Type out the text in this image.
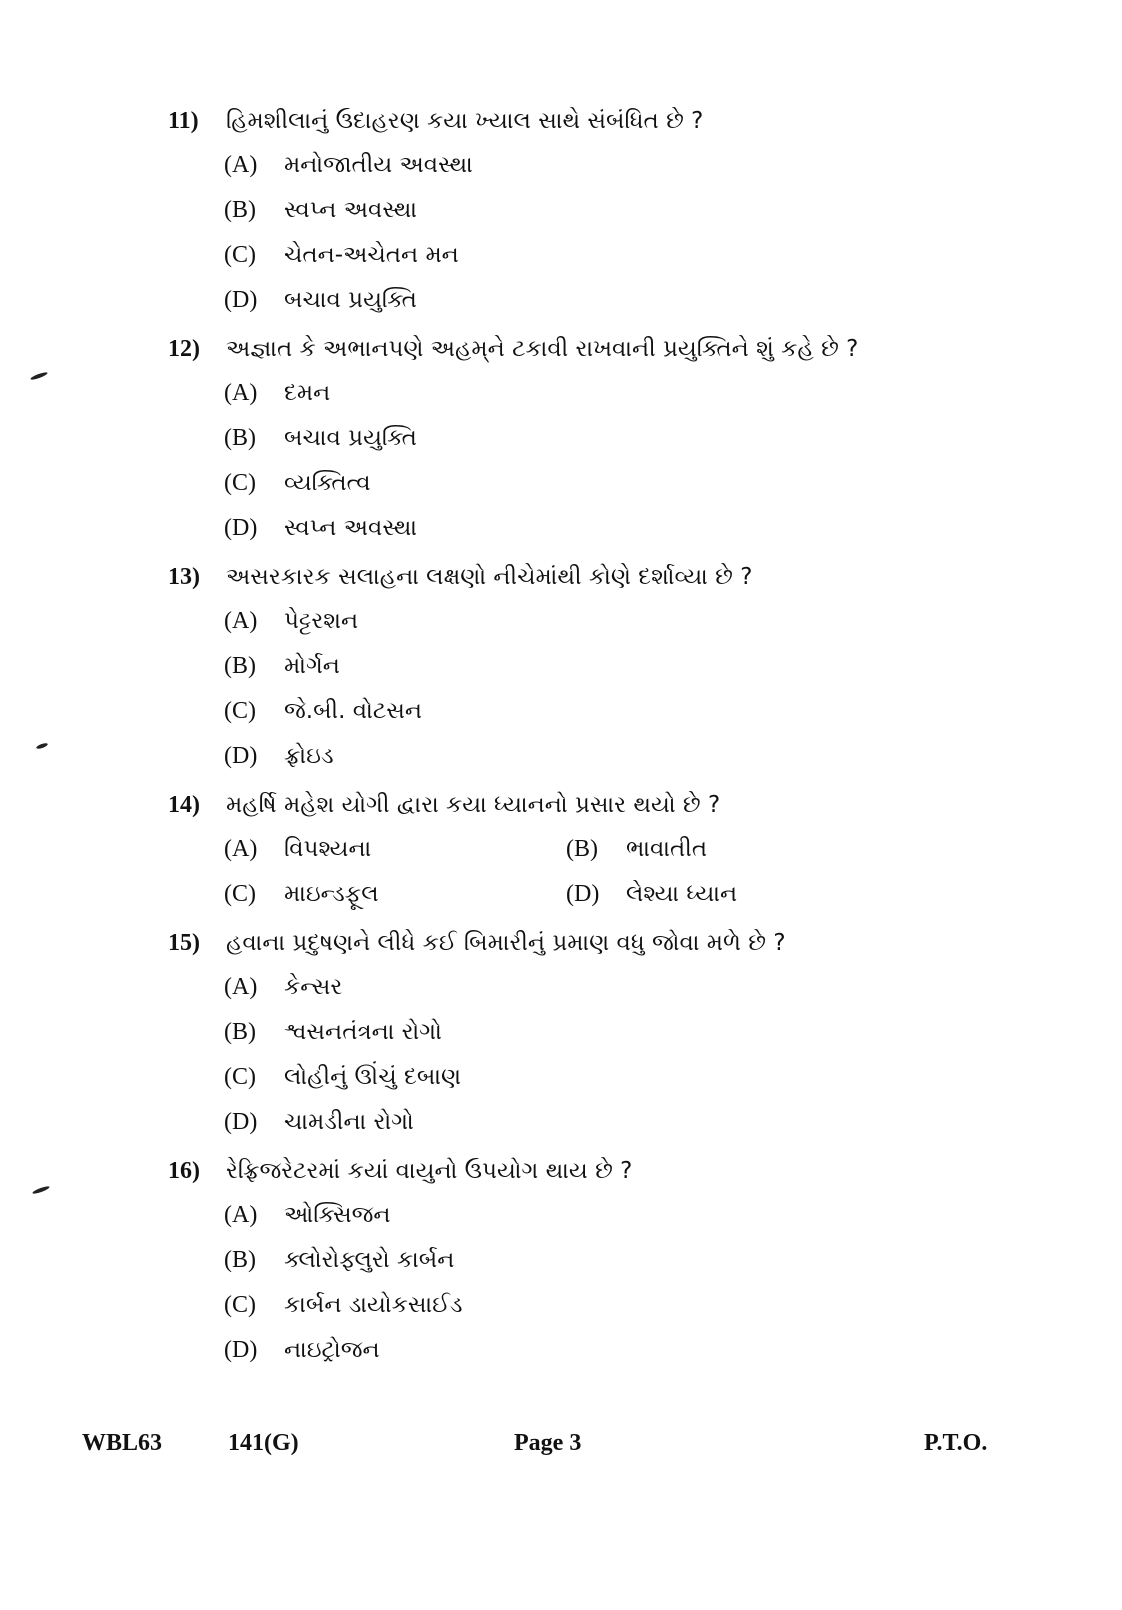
11)	હિમશીલાનું ઉદાહરણ કયા ખ્યાલ સાથે સંબંધિત છે ?
(A)	મનોજાતીય અવસ્થા
(B)	સ્વપ્ન અવસ્થા
(C)	ચેતન-અચેતન મન
(D)	બચાવ પ્રયુક્તિ
12)	અજ્ઞાત કે અભાનપણે અહમ્‌ને ટકાવી રાખવાની પ્રયુક્તિને શું કહે છે ?
(A)	દમન
(B)	બચાવ પ્રયુક્તિ
(C)	વ્યક્તિત્વ
(D)	સ્વપ્ન અવસ્થા
13)	અસરકારક સલાહના લક્ષણો નીચેમાંથી કોણે દર્શાવ્યા છે ?
(A)	પેટ્ટરશન
(B)	મોર્ગન
(C)	જે.બી. વોટસન
(D)	ફ્રોઇડ
14)	મહર્ષિ મહેશ યોગી દ્વારા કયા ધ્યાનનો પ્રસાર થયો છે ?
(A)	વિપશ્યના	(B)	ભાવાતીત
(C)	માઇન્ડફૂલ	(D)	લેશ્યા ધ્યાન
15)	હવાના પ્રદુષણને લીધે કઈ બિમારીનું પ્રમાણ વધુ જોવા મળે છે ?
(A)	કેન્સર
(B)	શ્વસનતંત્રના રોગો
(C)	લોહીનું ઊંચું દબાણ
(D)	ચામડીના રોગો
16)	રેફ્રિજરેટરમાં કયાં વાયુનો ઉપયોગ થાય છે ?
(A)	ઓક્સિજન
(B)	ક્લોરોફ્લુરો કાર્બન
(C)	કાર્બન ડાયોકસાઈડ
(D)	નાઇટ્રોજન
WBL63	141(G)	Page 3	P.T.O.
